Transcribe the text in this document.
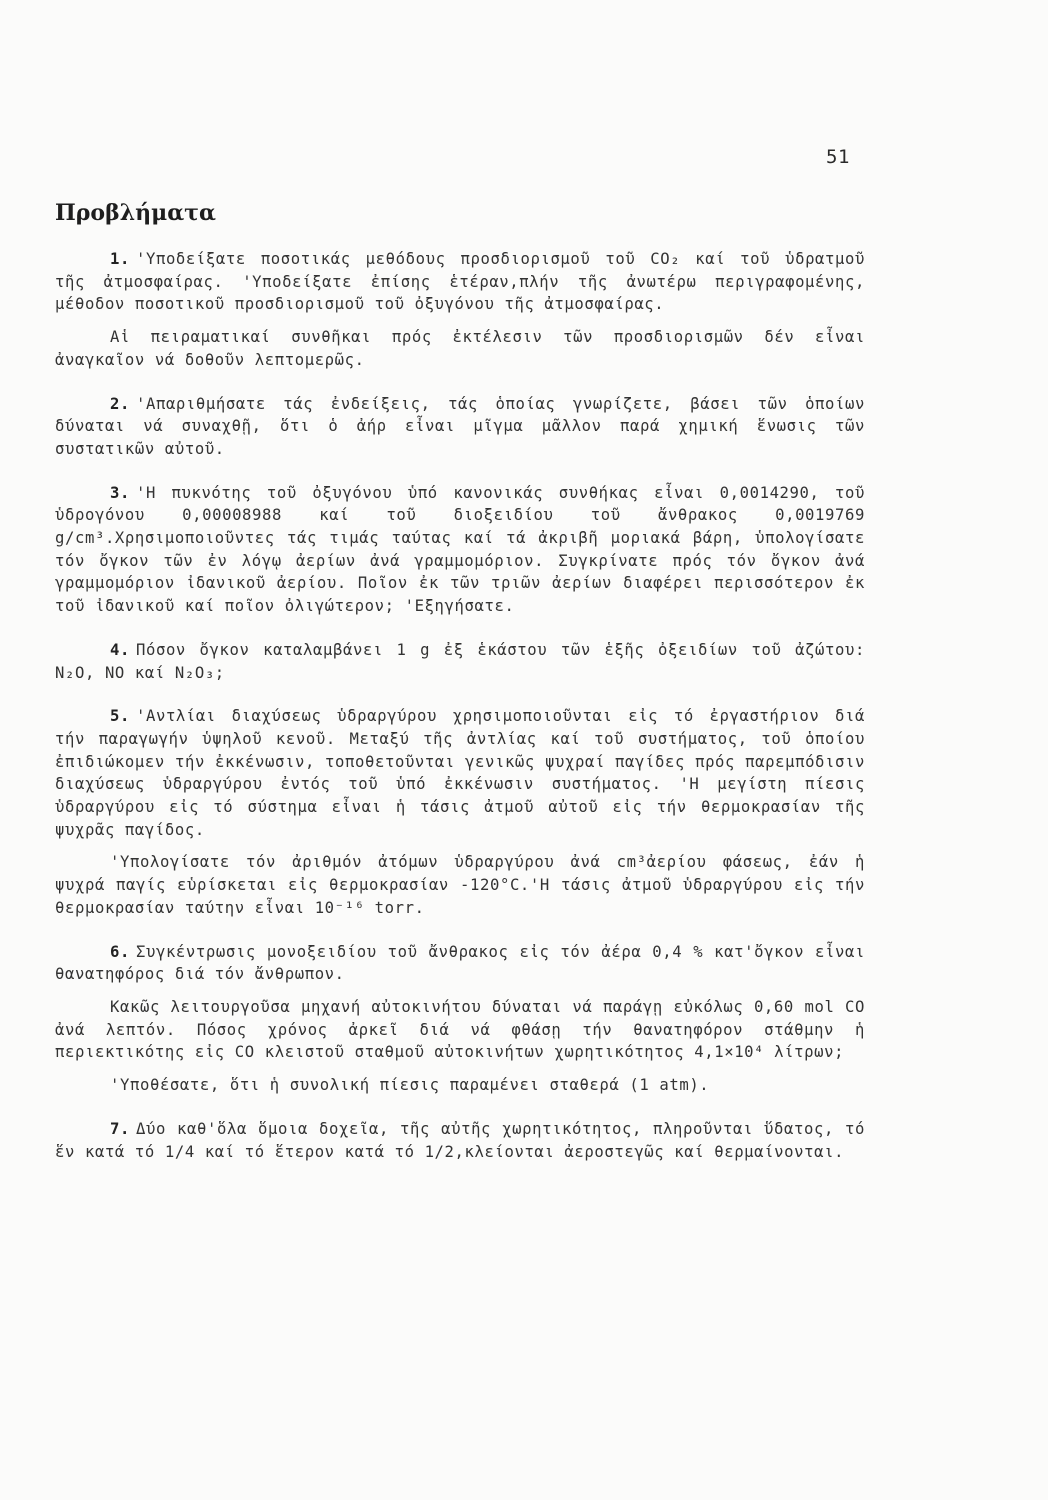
51
Προβλήματα

1. 'Υποδείξατε ποσοτικάς μεθόδους προσδιορισμοῦ τοῦ CO₂ καί τοῦ ὑδρατμοῦ τῆς ἀτμοσφαίρας. 'Υποδείξατε ἐπίσης ἑτέραν,πλήν τῆς ἀνωτέρω περιγραφομένης, μέθοδον ποσοτικοῦ προσδιορισμοῦ τοῦ ὀξυγόνου τῆς ἀτμοσφαίρας.

Αἱ πειραματικαί συνθῆκαι πρός ἐκτέλεσιν τῶν προσδιορισμῶν δέν εἶναι ἀναγκαῖον νά δοθοῦν λεπτομερῶς.

2. 'Απαριθμήσατε τάς ἐνδείξεις, τάς ὁποίας γνωρίζετε, βάσει τῶν ὁποίων δύναται νά συναχθῇ, ὅτι ὁ ἀήρ εἶναι μῖγμα μᾶλλον παρά χημική ἕνωσις τῶν συστατικῶν αὐτοῦ.

3. 'Η πυκνότης τοῦ ὀξυγόνου ὑπό κανονικάς συνθήκας εἶναι 0,0014290, τοῦ ὑδρογόνου 0,00008988 καί τοῦ διοξειδίου τοῦ ἄνθρακος 0,0019769 g/cm³.Χρησιμοποιοῦντες τάς τιμάς ταύτας καί τά ἀκριβῆ μοριακά βάρη, ὑπολογίσατε τόν ὄγκον τῶν ἐν λόγῳ ἀερίων ἀνά γραμμομόριον. Συγκρίνατε πρός τόν ὄγκον ἀνά γραμμομόριον ἰδανικοῦ ἀερίου. Ποῖον ἐκ τῶν τριῶν ἀερίων διαφέρει περισσότερον ἐκ τοῦ ἰδανικοῦ καί ποῖον ὀλιγώτερον; 'Εξηγήσατε.

4. Πόσον ὄγκον καταλαμβάνει 1 g ἐξ ἑκάστου τῶν ἑξῆς ὀξειδίων τοῦ ἀζώτου: N₂O, NO καί N₂O₃;

5. 'Αντλίαι διαχύσεως ὑδραργύρου χρησιμοποιοῦνται εἰς τό ἐργαστήριον διά τήν παραγωγήν ὑψηλοῦ κενοῦ. Μεταξύ τῆς ἀντλίας καί τοῦ συστήματος, τοῦ ὁποίου ἐπιδιώκομεν τήν ἐκκένωσιν, τοποθετοῦνται γενικῶς ψυχραί παγίδες πρός παρεμπόδισιν διαχύσεως ὑδραργύρου ἐντός τοῦ ὑπό ἐκκένωσιν συστήματος. 'Η μεγίστη πίεσις ὑδραργύρου εἰς τό σύστημα εἶναι ἡ τάσις ἀτμοῦ αὐτοῦ εἰς τήν θερμοκρασίαν τῆς ψυχρᾶς παγίδος.

'Υπολογίσατε τόν ἀριθμόν ἀτόμων ὑδραργύρου ἀνά cm³ἀερίου φάσεως, ἐάν ἡ ψυχρά παγίς εὑρίσκεται εἰς θερμοκρασίαν -120°C.'Η τάσις ἀτμοῦ ὑδραργύρου εἰς τήν θερμοκρασίαν ταύτην εἶναι 10⁻¹⁶ torr.

6. Συγκέντρωσις μονοξειδίου τοῦ ἄνθρακος εἰς τόν ἀέρα 0,4 % κατ'ὄγκον εἶναι θανατηφόρος διά τόν ἄνθρωπον.

Κακῶς λειτουργοῦσα μηχανή αὐτοκινήτου δύναται νά παράγῃ εὐκόλως 0,60 mol CO ἀνά λεπτόν. Πόσος χρόνος ἀρκεῖ διά νά φθάσῃ τήν θανατηφόρον στάθμην ἡ περιεκτικότης εἰς CO κλειστοῦ σταθμοῦ αὐτοκινήτων χωρητικότητος 4,1×10⁴ λίτρων;

'Υποθέσατε, ὅτι ἡ συνολική πίεσις παραμένει σταθερά (1 atm).

7. Δύο καθ'ὅλα ὅμοια δοχεῖα, τῆς αὐτῆς χωρητικότητος, πληροῦνται ὕδατος, τό ἕν κατά τό 1/4 καί τό ἕτερον κατά τό 1/2,κλείονται ἀεροστεγῶς καί θερμαίνονται.
